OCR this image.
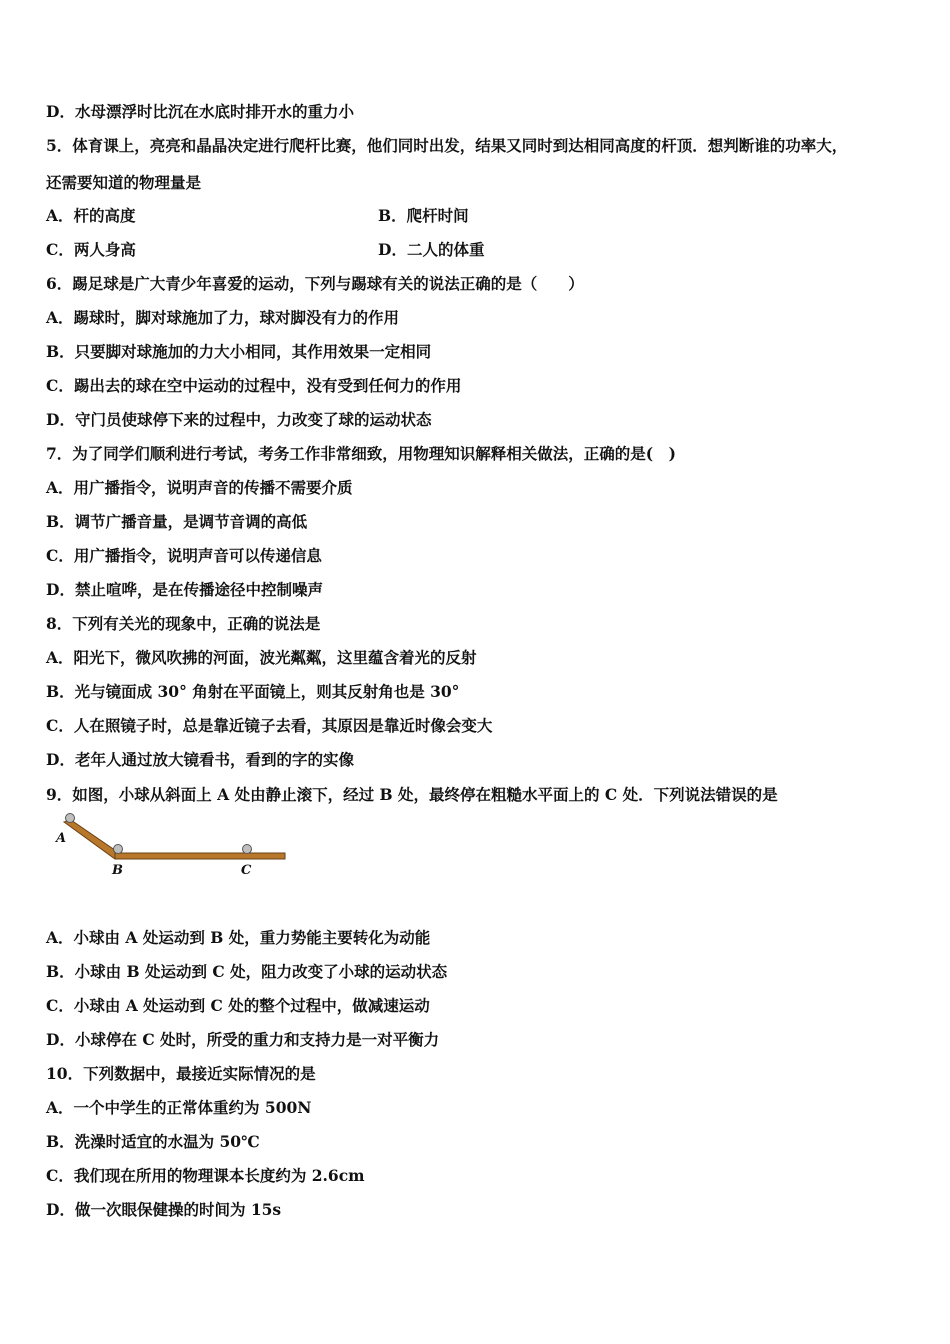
D．水母漂浮时比沉在水底时排开水的重力小
5．体育课上，亮亮和晶晶决定进行爬杆比赛，他们同时出发，结果又同时到达相同高度的杆顶．想判断谁的功率大，
还需要知道的物理量是
A．杆的高度	B．爬杆时间
C．两人身高	D．二人的体重
6．踢足球是广大青少年喜爱的运动，下列与踢球有关的说法正确的是（　　）
A．踢球时，脚对球施加了力，球对脚没有力的作用
B．只要脚对球施加的力大小相同，其作用效果一定相同
C．踢出去的球在空中运动的过程中，没有受到任何力的作用
D．守门员使球停下来的过程中，力改变了球的运动状态
7．为了同学们顺利进行考试，考务工作非常细致，用物理知识解释相关做法，正确的是(　)
A．用广播指令，说明声音的传播不需要介质
B．调节广播音量，是调节音调的高低
C．用广播指令，说明声音可以传递信息
D．禁止喧哗，是在传播途径中控制噪声
8．下列有关光的现象中，正确的说法是
A．阳光下，微风吹拂的河面，波光粼粼，这里蕴含着光的反射
B．光与镜面成 30° 角射在平面镜上，则其反射角也是 30°
C．人在照镜子时，总是靠近镜子去看，其原因是靠近时像会变大
D．老年人通过放大镜看书，看到的字的实像
9．如图，小球从斜面上 A 处由静止滚下，经过 B 处，最终停在粗糙水平面上的 C 处．下列说法错误的是
A
B	C
A．小球由 A 处运动到 B 处，重力势能主要转化为动能
B．小球由 B 处运动到 C 处，阻力改变了小球的运动状态
C．小球由 A 处运动到 C 处的整个过程中，做减速运动
D．小球停在 C 处时，所受的重力和支持力是一对平衡力
10．下列数据中，最接近实际情况的是
A．一个中学生的正常体重约为 500N
B．洗澡时适宜的水温为 50℃
C．我们现在所用的物理课本长度约为 2.6cm
D．做一次眼保健操的时间为 15s
